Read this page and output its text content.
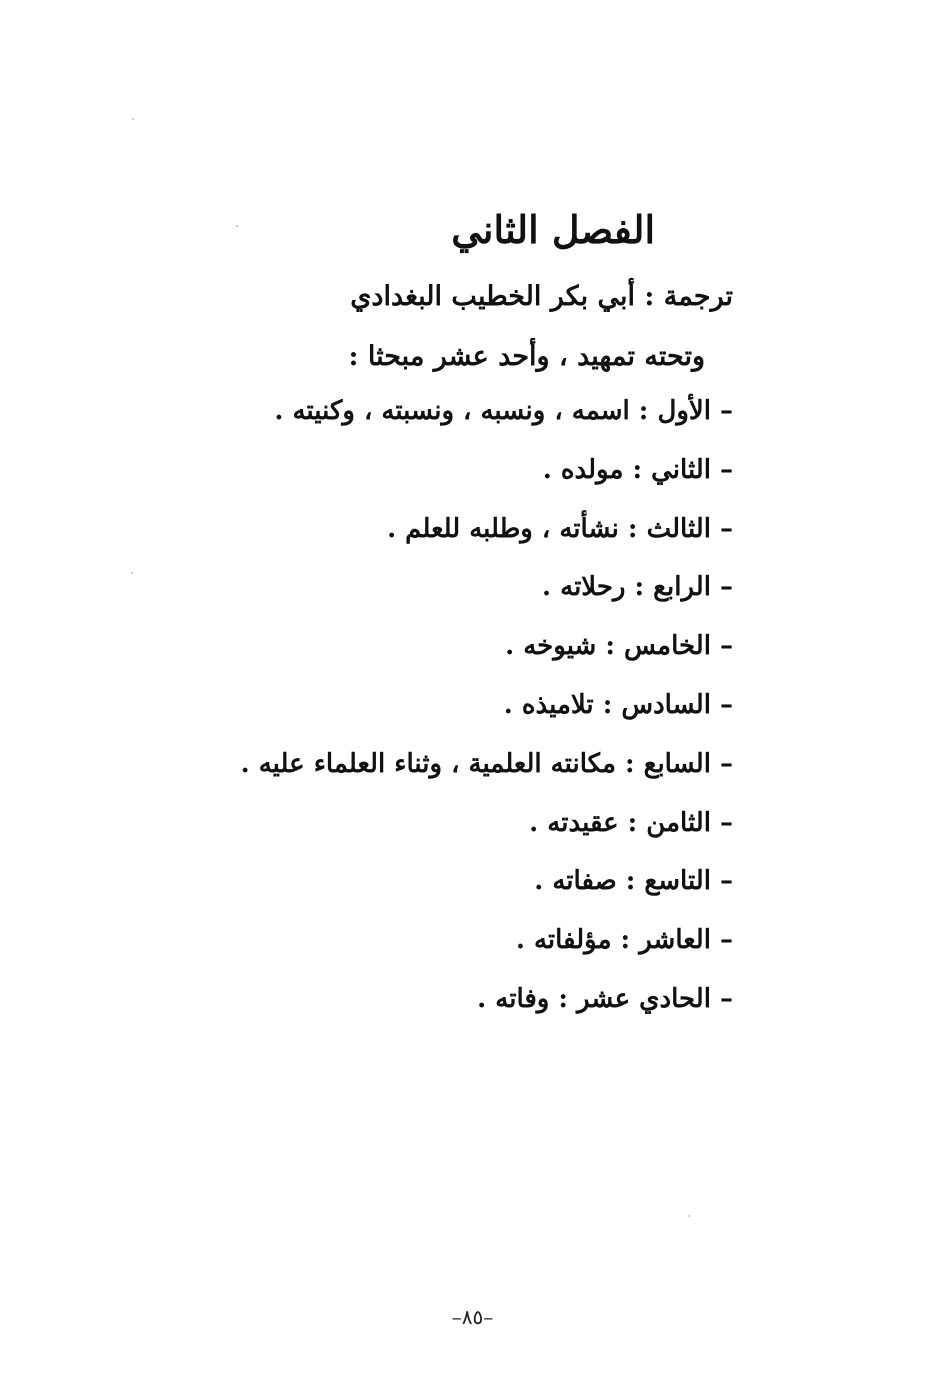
الفصل الثاني
ترجمة : أبي بكر الخطيب البغدادي
وتحته تمهيد ، وأحد عشر مبحثا :
– الأول : اسمه ، ونسبه ، ونسبته ، وكنيته .
– الثاني : مولده .
– الثالث : نشأته ، وطلبه للعلم .
– الرابع : رحلاته .
– الخامس : شيوخه .
– السادس : تلاميذه .
– السابع : مكانته العلمية ، وثناء العلماء عليه .
– الثامن : عقيدته .
– التاسع : صفاته .
– العاشر : مؤلفاته .
– الحادي عشر : وفاته .
–٨٥–
